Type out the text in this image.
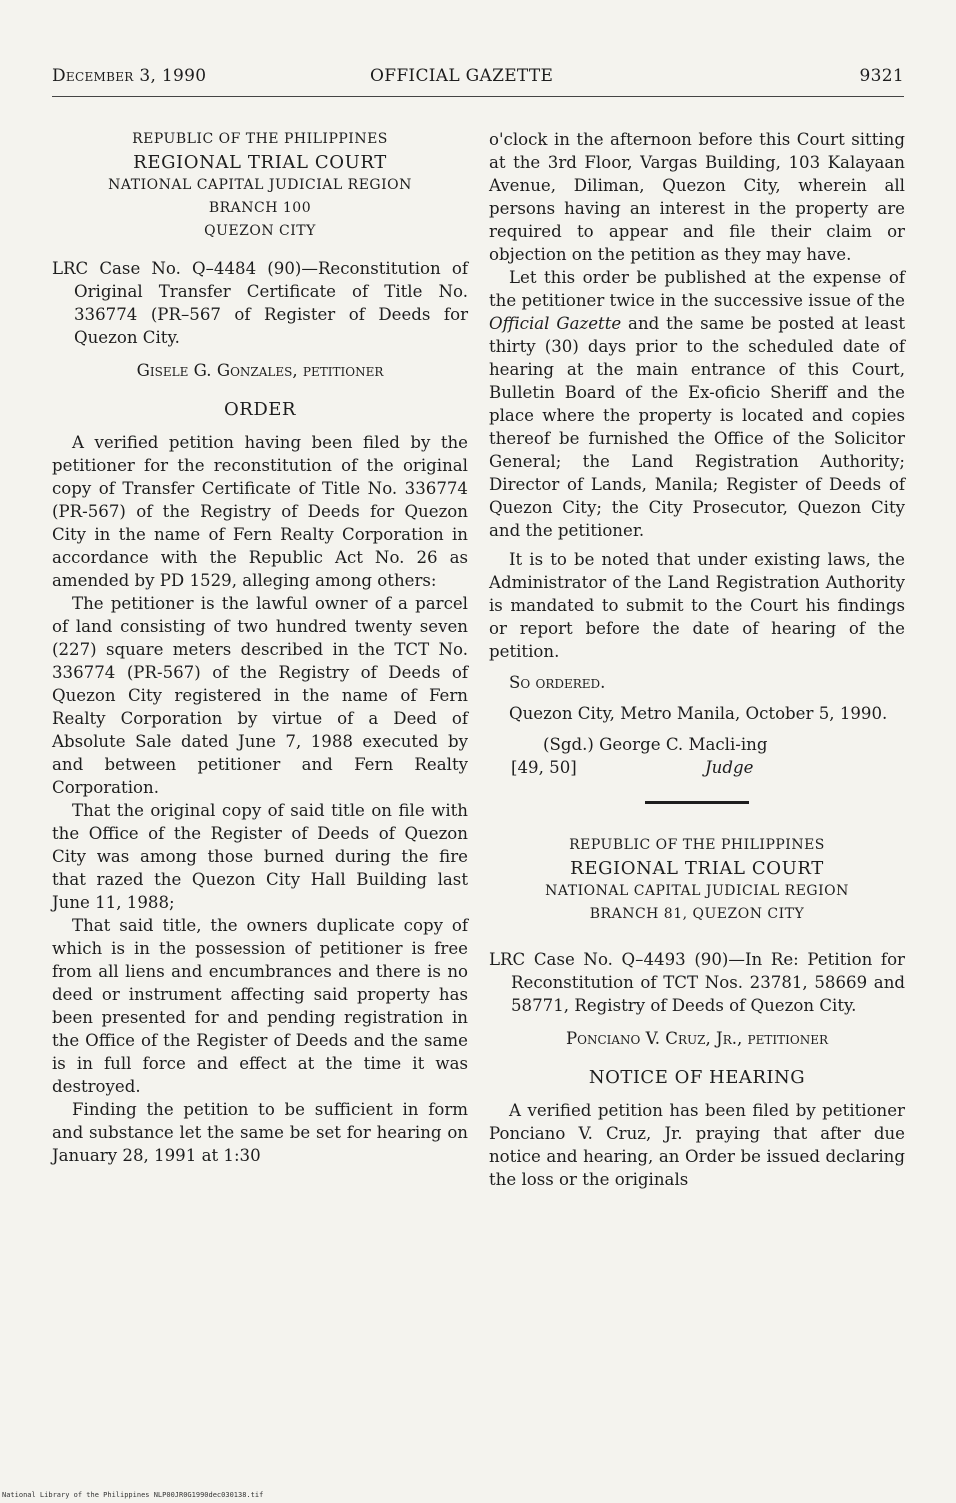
December 3, 1990	OFFICIAL GAZETTE	9321
REPUBLIC OF THE PHILIPPINES
REGIONAL TRIAL COURT
NATIONAL CAPITAL JUDICIAL REGION
BRANCH 100
QUEZON CITY
LRC Case No. Q–4484 (90)—Reconstitution of Original Transfer Certificate of Title No. 336774 (PR–567 of Register of Deeds for Quezon City.
Gisele G. Gonzales, petitioner
ORDER

A verified petition having been filed by the petitioner for the reconstitution of the original copy of Transfer Certificate of Title No. 336774 (PR-567) of the Registry of Deeds for Quezon City in the name of Fern Realty Corporation in accordance with the Republic Act No. 26 as amended by PD 1529, alleging among others:

The petitioner is the lawful owner of a parcel of land consisting of two hundred twenty seven (227) square meters described in the TCT No. 336774 (PR-567) of the Registry of Deeds of Quezon City registered in the name of Fern Realty Corporation by virtue of a Deed of Absolute Sale dated June 7, 1988 executed by and between petitioner and Fern Realty Corporation.

That the original copy of said title on file with the Office of the Register of Deeds of Quezon City was among those burned during the fire that razed the Quezon City Hall Building last June 11, 1988;

That said title, the owners duplicate copy of which is in the possession of petitioner is free from all liens and encumbrances and there is no deed or instrument affecting said property has been presented for and pending registration in the Office of the Register of Deeds and the same is in full force and effect at the time it was destroyed.

Finding the petition to be sufficient in form and substance let the same be set for hearing on January 28, 1991 at 1:30

o'clock in the afternoon before this Court sitting at the 3rd Floor, Vargas Building, 103 Kalayaan Avenue, Diliman, Quezon City, wherein all persons having an interest in the property are required to appear and file their claim or objection on the petition as they may have.

Let this order be published at the expense of the petitioner twice in the successive issue of the Official Gazette and the same be posted at least thirty (30) days prior to the scheduled date of hearing at the main entrance of this Court, Bulletin Board of the Ex-oficio Sheriff and the place where the property is located and copies thereof be furnished the Office of the Solicitor General; the Land Registration Authority; Director of Lands, Manila; Register of Deeds of Quezon City; the City Prosecutor, Quezon City and the petitioner.

It is to be noted that under existing laws, the Administrator of the Land Registration Authority is mandated to submit to the Court his findings or report before the date of hearing of the petition.

So ordered.

Quezon City, Metro Manila, October 5, 1990.

(Sgd.) George C. Macli-ing
[49, 50]	Judge
REPUBLIC OF THE PHILIPPINES
REGIONAL TRIAL COURT
NATIONAL CAPITAL JUDICIAL REGION
BRANCH 81, QUEZON CITY
LRC Case No. Q–4493 (90)—In Re: Petition for Reconstitution of TCT Nos. 23781, 58669 and 58771, Registry of Deeds of Quezon City.
Ponciano V. Cruz, Jr., petitioner
NOTICE OF HEARING

A verified petition has been filed by petitioner Ponciano V. Cruz, Jr. praying that after due notice and hearing, an Order be issued declaring the loss or the originals

National Library of the Philippines NLP00JR0G1990dec030138.tif
